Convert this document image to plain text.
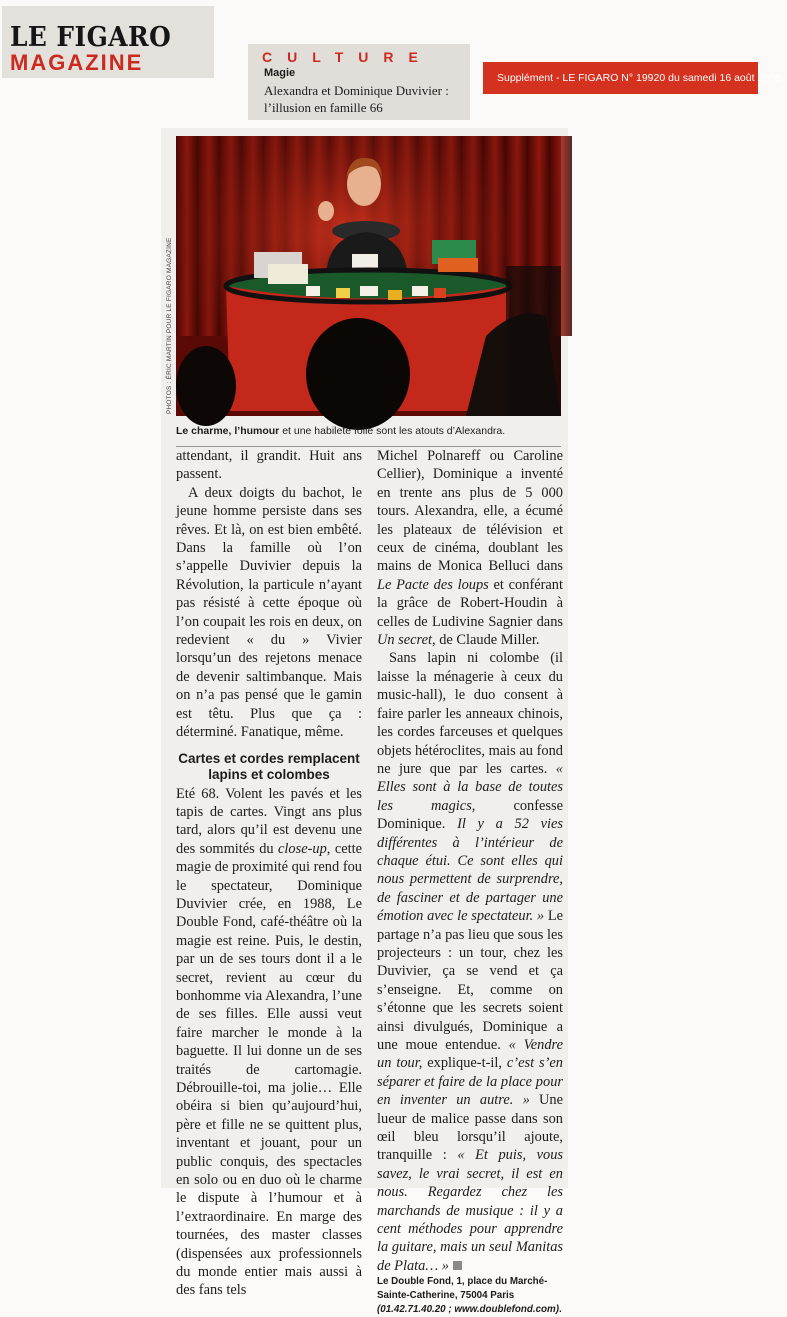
LE FIGARO
MAGAZINE	CULTURE
Magie
Alexandra et Dominique Duvivier : l’illusion en famille 66
Supplément - LE FIGARO N° 19920 du samedi 16 août 2008 -
PHOTOS : ÉRIC MARTIN POUR LE FIGARO MAGAZINE
Le charme, l’humour et une habileté folle sont les atouts d’Alexandra.

attendant, il grandit. Huit ans passent.

A deux doigts du bachot, le jeune homme persiste dans ses rêves. Et là, on est bien embêté. Dans la famille où l’on s’appelle Duvivier depuis la Révolution, la particule n’ayant pas résisté à cette époque où l’on coupait les rois en deux, on redevient « du » Vivier lorsqu’un des rejetons menace de devenir saltimbanque. Mais on n’a pas pensé que le gamin est têtu. Plus que ça : déterminé. Fanatique, même.

Cartes et cordes remplacent lapins et colombes

Eté 68. Volent les pavés et les tapis de cartes. Vingt ans plus tard, alors qu’il est devenu une des sommités du close-up, cette magie de proximité qui rend fou le spectateur, Dominique Duvivier crée, en 1988, Le Double Fond, café-théâtre où la magie est reine. Puis, le destin, par un de ses tours dont il a le secret, revient au cœur du bonhomme via Alexandra, l’une de ses filles. Elle aussi veut faire marcher le monde à la baguette. Il lui donne un de ses traités de cartomagie. Débrouille-toi, ma jolie… Elle obéira si bien qu’aujourd’hui, père et fille ne se quittent plus, inventant et jouant, pour un public conquis, des spectacles en solo ou en duo où le charme le dispute à l’humour et à l’extraordinaire. En marge des tournées, des master classes (dispensées aux professionnels du monde entier mais aussi à des fans tels

Michel Polnareff ou Caroline Cellier), Dominique a inventé en trente ans plus de 5 000 tours. Alexandra, elle, a écumé les plateaux de télévision et ceux de cinéma, doublant les mains de Monica Belluci dans Le Pacte des loups et conférant la grâce de Robert-Houdin à celles de Ludivine Sagnier dans Un secret, de Claude Miller.

Sans lapin ni colombe (il laisse la ménagerie à ceux du music-hall), le duo consent à faire parler les anneaux chinois, les cordes farceuses et quelques objets hétéroclites, mais au fond ne jure que par les cartes. « Elles sont à la base de toutes les magics, confesse Dominique. Il y a 52 vies différentes à l’intérieur de chaque étui. Ce sont elles qui nous permettent de surprendre, de fasciner et de partager une émotion avec le spectateur. » Le partage n’a pas lieu que sous les projecteurs : un tour, chez les Duvivier, ça se vend et ça s’enseigne. Et, comme on s’étonne que les secrets soient ainsi divulgués, Dominique a une moue entendue. « Vendre un tour, explique-t-il, c’est s’en séparer et faire de la place pour en inventer un autre. » Une lueur de malice passe dans son œil bleu lorsqu’il ajoute, tranquille : « Et puis, vous savez, le vrai secret, il est en nous. Regardez chez les marchands de musique : il y a cent méthodes pour apprendre la guitare, mais un seul Manitas de Plata… »

Le Double Fond, 1, place du Marché-Sainte-Catherine, 75004 Paris (01.42.71.40.20 ; www.doublefond.com).
